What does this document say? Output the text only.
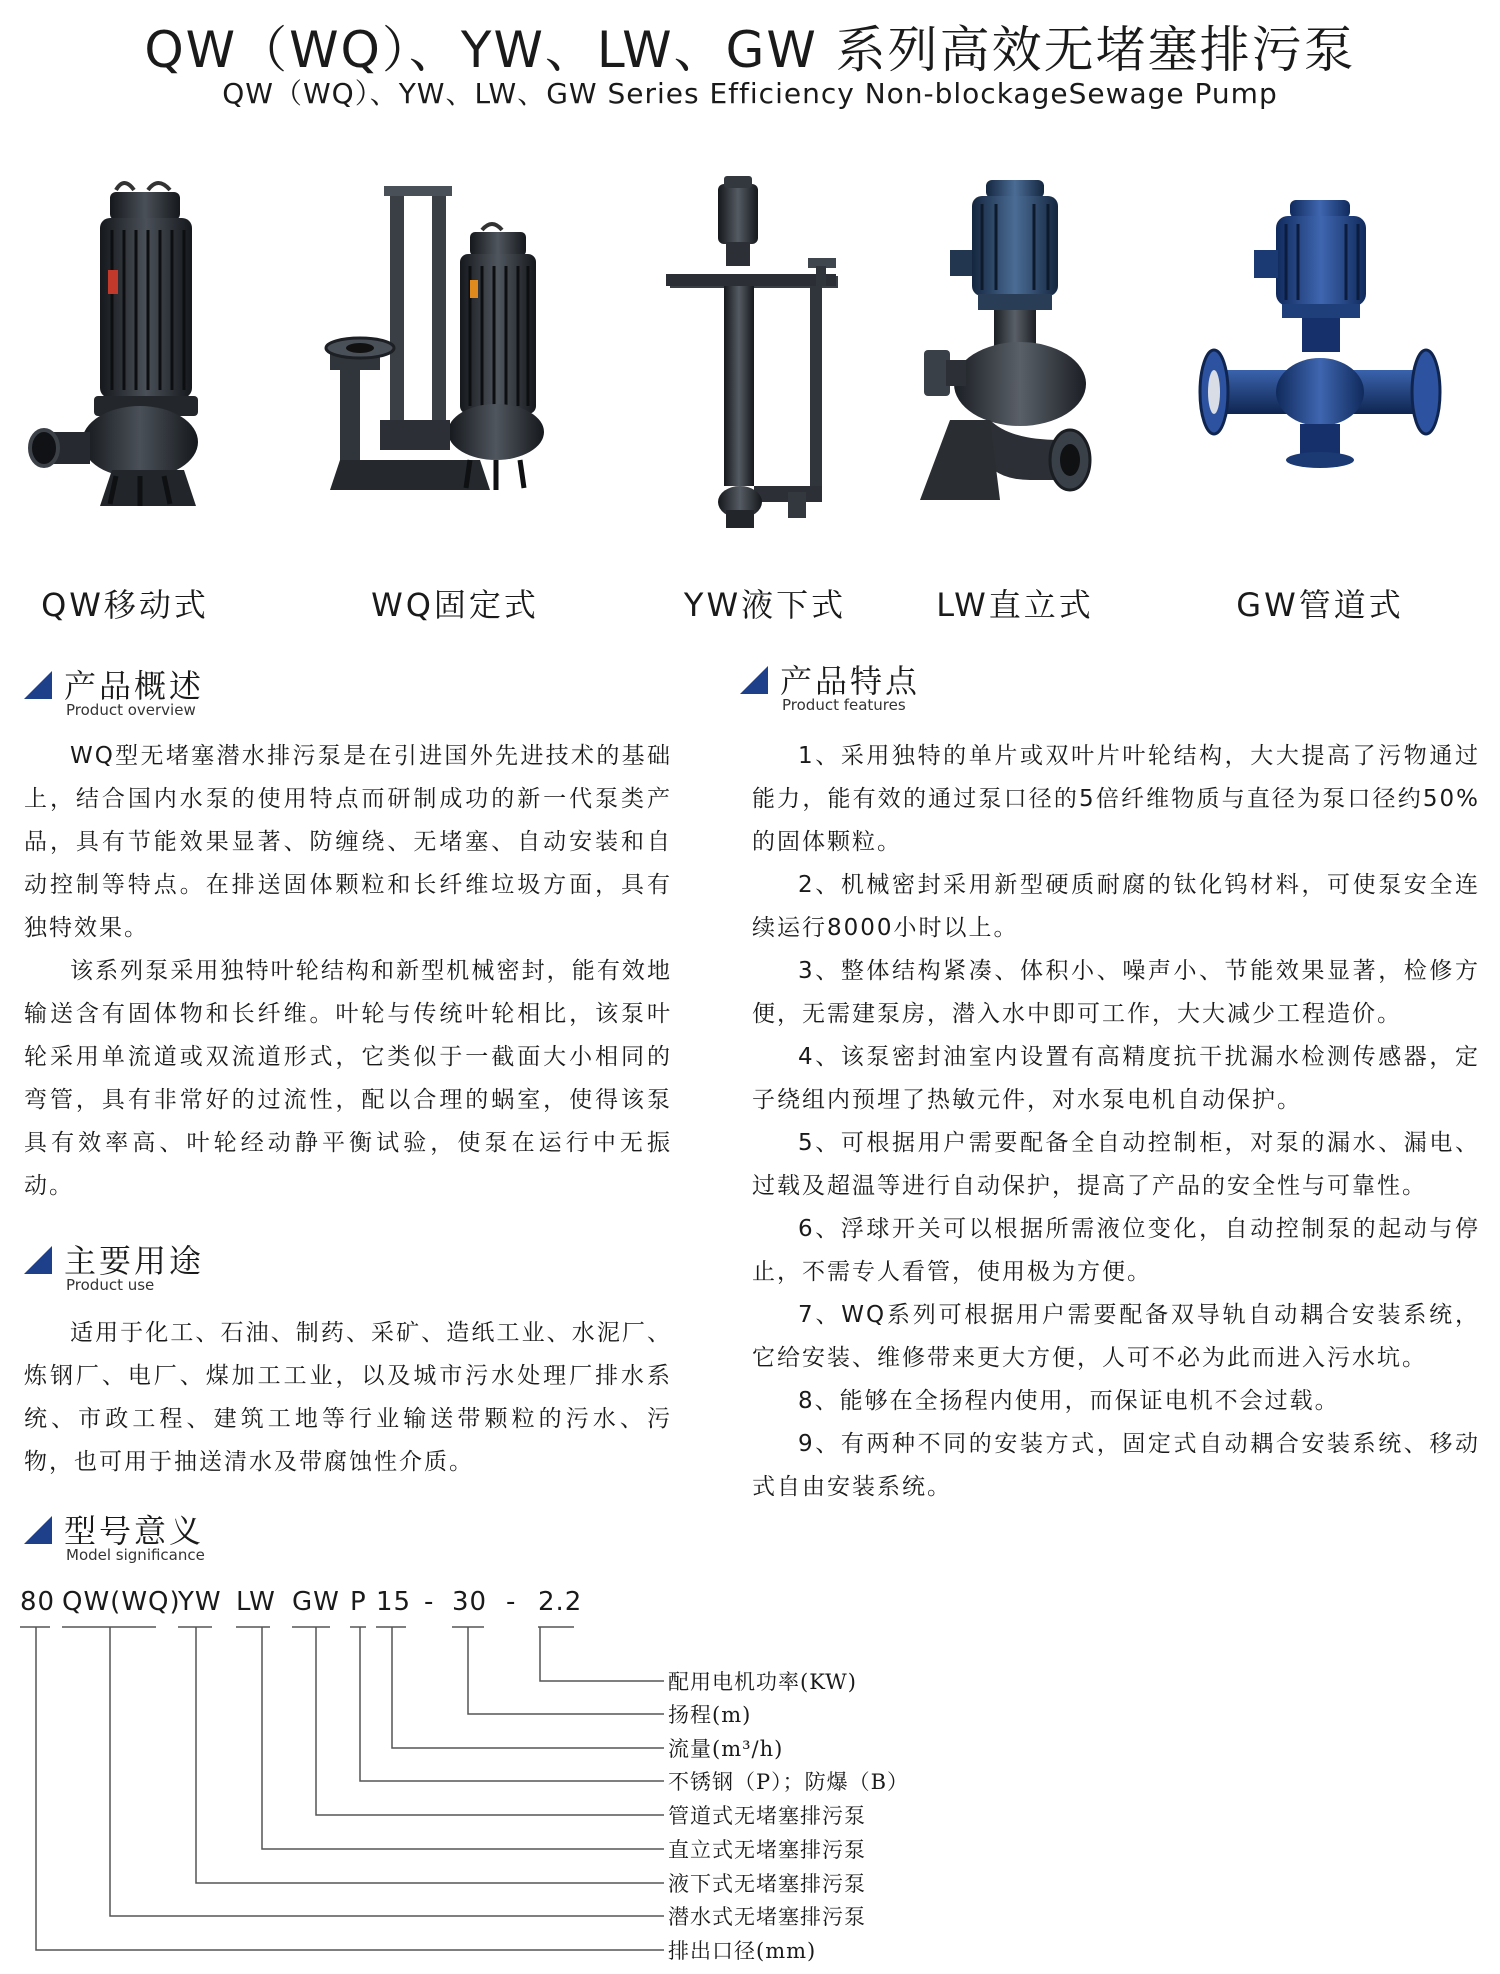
QW（WQ）、YW、LW、GW 系列高效无堵塞排污泵
QW（WQ）、YW、LW、GW Series Efficiency Non-blockageSewage Pump
QW移动式	WQ固定式	YW液下式	LW直立式	GW管道式
产品概述
Product overview

WQ型无堵塞潜水排污泵是在引进国外先进技术的基础上，结合国内水泵的使用特点而研制成功的新一代泵类产品，具有节能效果显著、防缠绕、无堵塞、自动安装和自动控制等特点。在排送固体颗粒和长纤维垃圾方面，具有独特效果。

该系列泵采用独特叶轮结构和新型机械密封，能有效地输送含有固体物和长纤维。叶轮与传统叶轮相比，该泵叶轮采用单流道或双流道形式，它类似于一截面大小相同的弯管，具有非常好的过流性，配以合理的蜗室，使得该泵具有效率高、叶轮经动静平衡试验，使泵在运行中无振动。

主要用途
Product use

适用于化工、石油、制药、采矿、造纸工业、水泥厂、炼钢厂、电厂、煤加工工业，以及城市污水处理厂排水系统、市政工程、建筑工地等行业输送带颗粒的污水、污物，也可用于抽送清水及带腐蚀性介质。

型号意义
Model significance
80 QW(WQ)
YW LW GW P 15 - 30 - 2.2
配用电机功率(KW)
扬程(m)
流量(m³/h)
不锈钢（P）；防爆（B）
管道式无堵塞排污泵
直立式无堵塞排污泵
液下式无堵塞排污泵
潜水式无堵塞排污泵
排出口径(mm)
产品特点
Product features

1、采用独特的单片或双叶片叶轮结构，大大提高了污物通过能力，能有效的通过泵口径的5倍纤维物质与直径为泵口径约50%的固体颗粒。

2、机械密封采用新型硬质耐腐的钛化钨材料，可使泵安全连续运行8000小时以上。

3、整体结构紧凑、体积小、噪声小、节能效果显著，检修方便，无需建泵房，潜入水中即可工作，大大减少工程造价。

4、该泵密封油室内设置有高精度抗干扰漏水检测传感器，定子绕组内预埋了热敏元件，对水泵电机自动保护。

5、可根据用户需要配备全自动控制柜，对泵的漏水、漏电、过载及超温等进行自动保护，提高了产品的安全性与可靠性。

6、浮球开关可以根据所需液位变化，自动控制泵的起动与停止，不需专人看管，使用极为方便。

7、WQ系列可根据用户需要配备双导轨自动耦合安装系统，它给安装、维修带来更大方便，人可不必为此而进入污水坑。

8、能够在全扬程内使用，而保证电机不会过载。

9、有两种不同的安装方式，固定式自动耦合安装系统、移动式自由安装系统。
